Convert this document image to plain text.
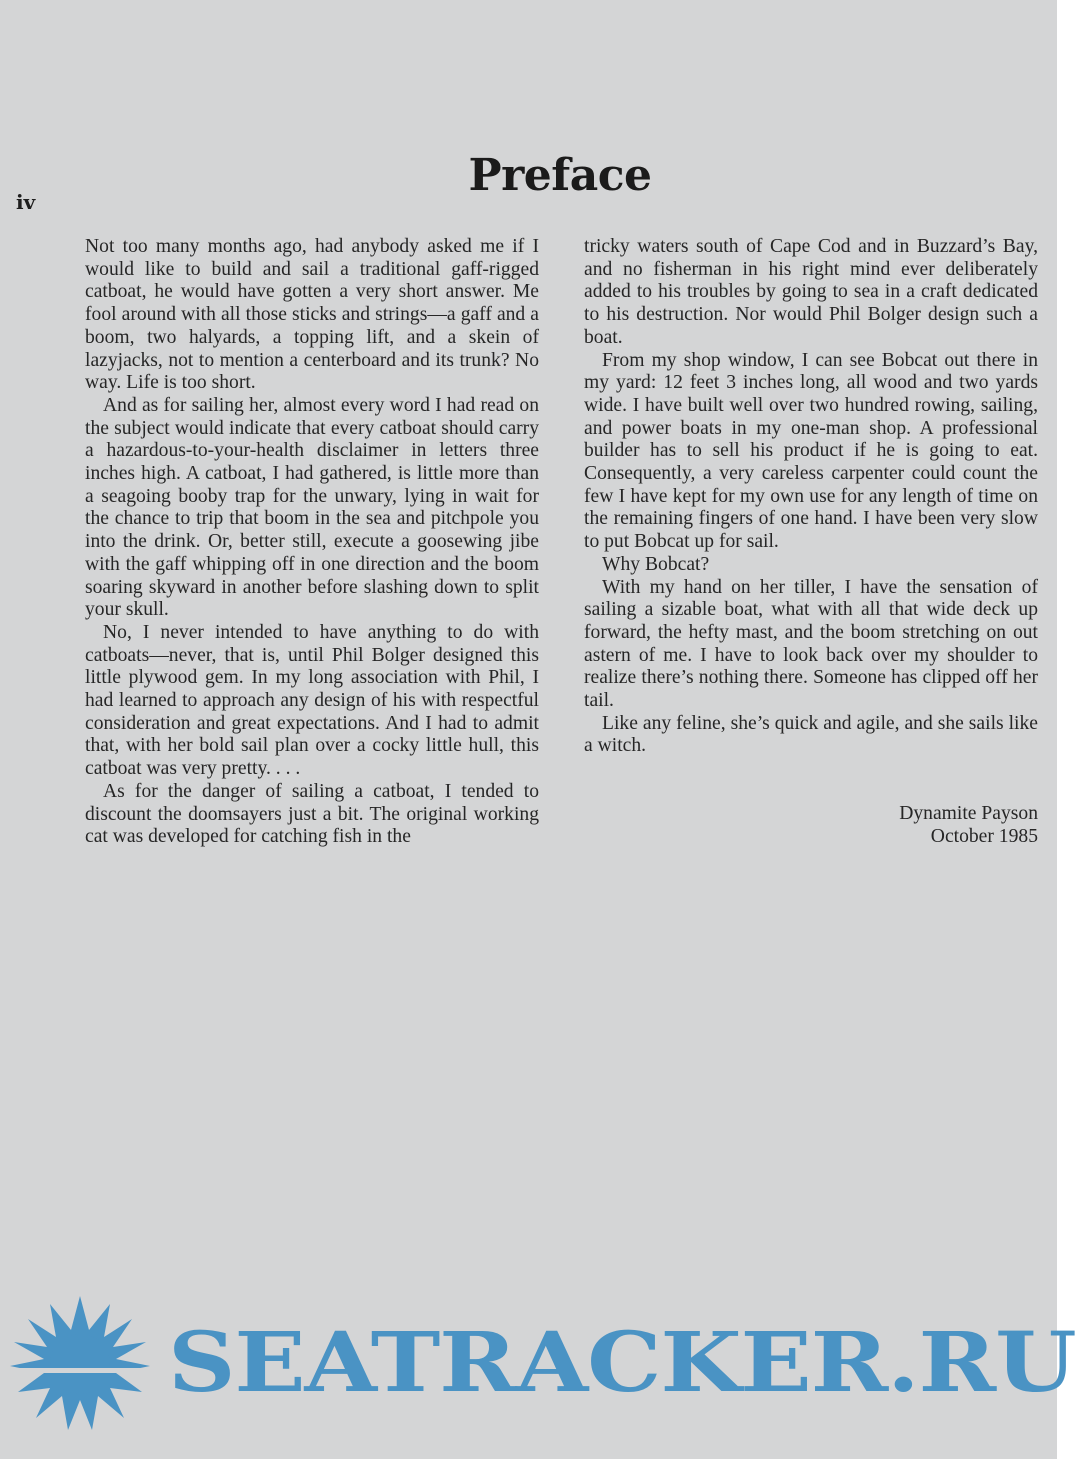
iv
Preface

Not too many months ago, had anybody asked me if I would like to build and sail a traditional gaff-rigged catboat, he would have gotten a very short answer. Me fool around with all those sticks and strings—a gaff and a boom, two halyards, a topping lift, and a skein of lazyjacks, not to mention a centerboard and its trunk? No way. Life is too short.

And as for sailing her, almost every word I had read on the subject would indicate that every catboat should carry a hazardous-to-your-health disclaimer in letters three inches high. A catboat, I had gathered, is little more than a seagoing booby trap for the unwary, lying in wait for the chance to trip that boom in the sea and pitchpole you into the drink. Or, better still, execute a goosewing jibe with the gaff whipping off in one direction and the boom soaring skyward in another before slashing down to split your skull.

No, I never intended to have anything to do with catboats—never, that is, until Phil Bolger designed this little plywood gem. In my long association with Phil, I had learned to approach any design of his with respectful consideration and great expectations. And I had to admit that, with her bold sail plan over a cocky little hull, this catboat was very pretty. . . .

As for the danger of sailing a catboat, I tended to discount the doomsayers just a bit. The original working cat was developed for catching fish in the

tricky waters south of Cape Cod and in Buzzard’s Bay, and no fisherman in his right mind ever deliberately added to his troubles by going to sea in a craft dedicated to his destruction. Nor would Phil Bolger design such a boat.

From my shop window, I can see Bobcat out there in my yard: 12 feet 3 inches long, all wood and two yards wide. I have built well over two hundred rowing, sailing, and power boats in my one-man shop. A professional builder has to sell his product if he is going to eat. Consequently, a very careless carpenter could count the few I have kept for my own use for any length of time on the remaining fingers of one hand. I have been very slow to put Bobcat up for sail.

Why Bobcat?

With my hand on her tiller, I have the sensation of sailing a sizable boat, what with all that wide deck up forward, the hefty mast, and the boom stretching on out astern of me. I have to look back over my shoulder to realize there’s nothing there. Someone has clipped off her tail.

Like any feline, she’s quick and agile, and she sails like a witch.

Dynamite Payson
October 1985
SEATRACKER.RU
